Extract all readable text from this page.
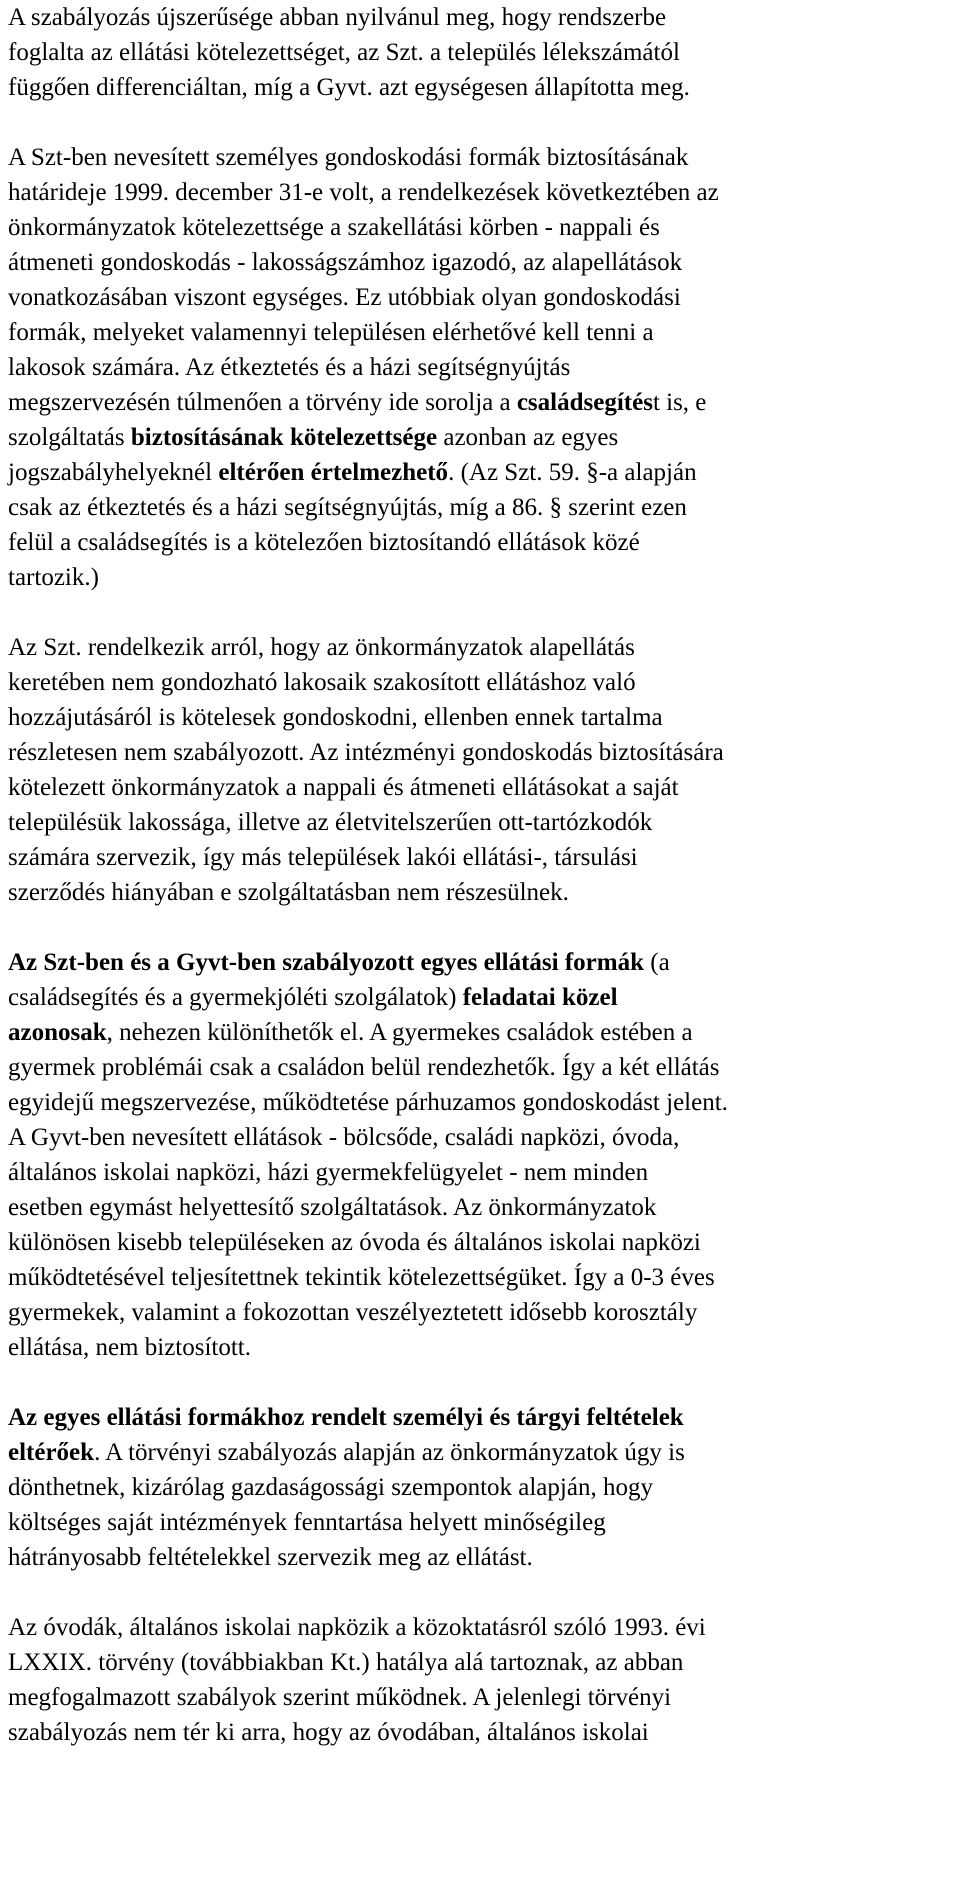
A szabályozás újszerűsége abban nyilvánul meg, hogy rendszerbe
foglalta az ellátási kötelezettséget, az Szt. a település lélekszámától
függően differenciáltan, míg a Gyvt. azt egységesen állapította meg.
A Szt-ben nevesített személyes gondoskodási formák biztosításának
határideje 1999. december 31-e volt, a rendelkezések következtében az
önkormányzatok kötelezettsége a szakellátási körben - nappali és
átmeneti gondoskodás - lakosságszámhoz igazodó, az alapellátások
vonatkozásában viszont egységes. Ez utóbbiak olyan gondoskodási
formák, melyeket valamennyi településen elérhetővé kell tenni a
lakosok számára. Az étkeztetés és a házi segítségnyújtás
megszervezésén túlmenően a törvény ide sorolja a családsegítést is, e
szolgáltatás biztosításának kötelezettsége azonban az egyes
jogszabályhelyeknél eltérően értelmezhető. (Az Szt. 59. §-a alapján
csak az étkeztetés és a házi segítségnyújtás, míg a 86. § szerint ezen
felül a családsegítés is a kötelezően biztosítandó ellátások közé
tartozik.)
Az Szt. rendelkezik arról, hogy az önkormányzatok alapellátás
keretében nem gondozható lakosaik szakosított ellátáshoz való
hozzájutásáról is kötelesek gondoskodni, ellenben ennek tartalma
részletesen nem szabályozott. Az intézményi gondoskodás biztosítására
kötelezett önkormányzatok a nappali és átmeneti ellátásokat a saját
településük lakossága, illetve az életvitelszerűen ott-tartózkodók
számára szervezik, így más települések lakói ellátási-, társulási
szerződés hiányában e szolgáltatásban nem részesülnek.
Az Szt-ben és a Gyvt-ben szabályozott egyes ellátási formák (a
családsegítés és a gyermekjóléti szolgálatok) feladatai közel
azonosak, nehezen különíthetők el. A gyermekes családok estében a
gyermek problémái csak a családon belül rendezhetők. Így a két ellátás
egyidejű megszervezése, működtetése párhuzamos gondoskodást jelent.
A Gyvt-ben nevesített ellátások - bölcsőde, családi napközi, óvoda,
általános iskolai napközi, házi gyermekfelügyelet - nem minden
esetben egymást helyettesítő szolgáltatások. Az önkormányzatok
különösen kisebb településeken az óvoda és általános iskolai napközi
működtetésével teljesítettnek tekintik kötelezettségüket. Így a 0-3 éves
gyermekek, valamint a fokozottan veszélyeztetett idősebb korosztály
ellátása, nem biztosított.
Az egyes ellátási formákhoz rendelt személyi és tárgyi feltételek
eltérőek. A törvényi szabályozás alapján az önkormányzatok úgy is
dönthetnek, kizárólag gazdaságossági szempontok alapján, hogy
költséges saját intézmények fenntartása helyett minőségileg
hátrányosabb feltételekkel szervezik meg az ellátást.
Az óvodák, általános iskolai napközik a közoktatásról szóló 1993. évi
LXXIX. törvény (továbbiakban Kt.) hatálya alá tartoznak, az abban
megfogalmazott szabályok szerint működnek. A jelenlegi törvényi
szabályozás nem tér ki arra, hogy az óvodában, általános iskolai
